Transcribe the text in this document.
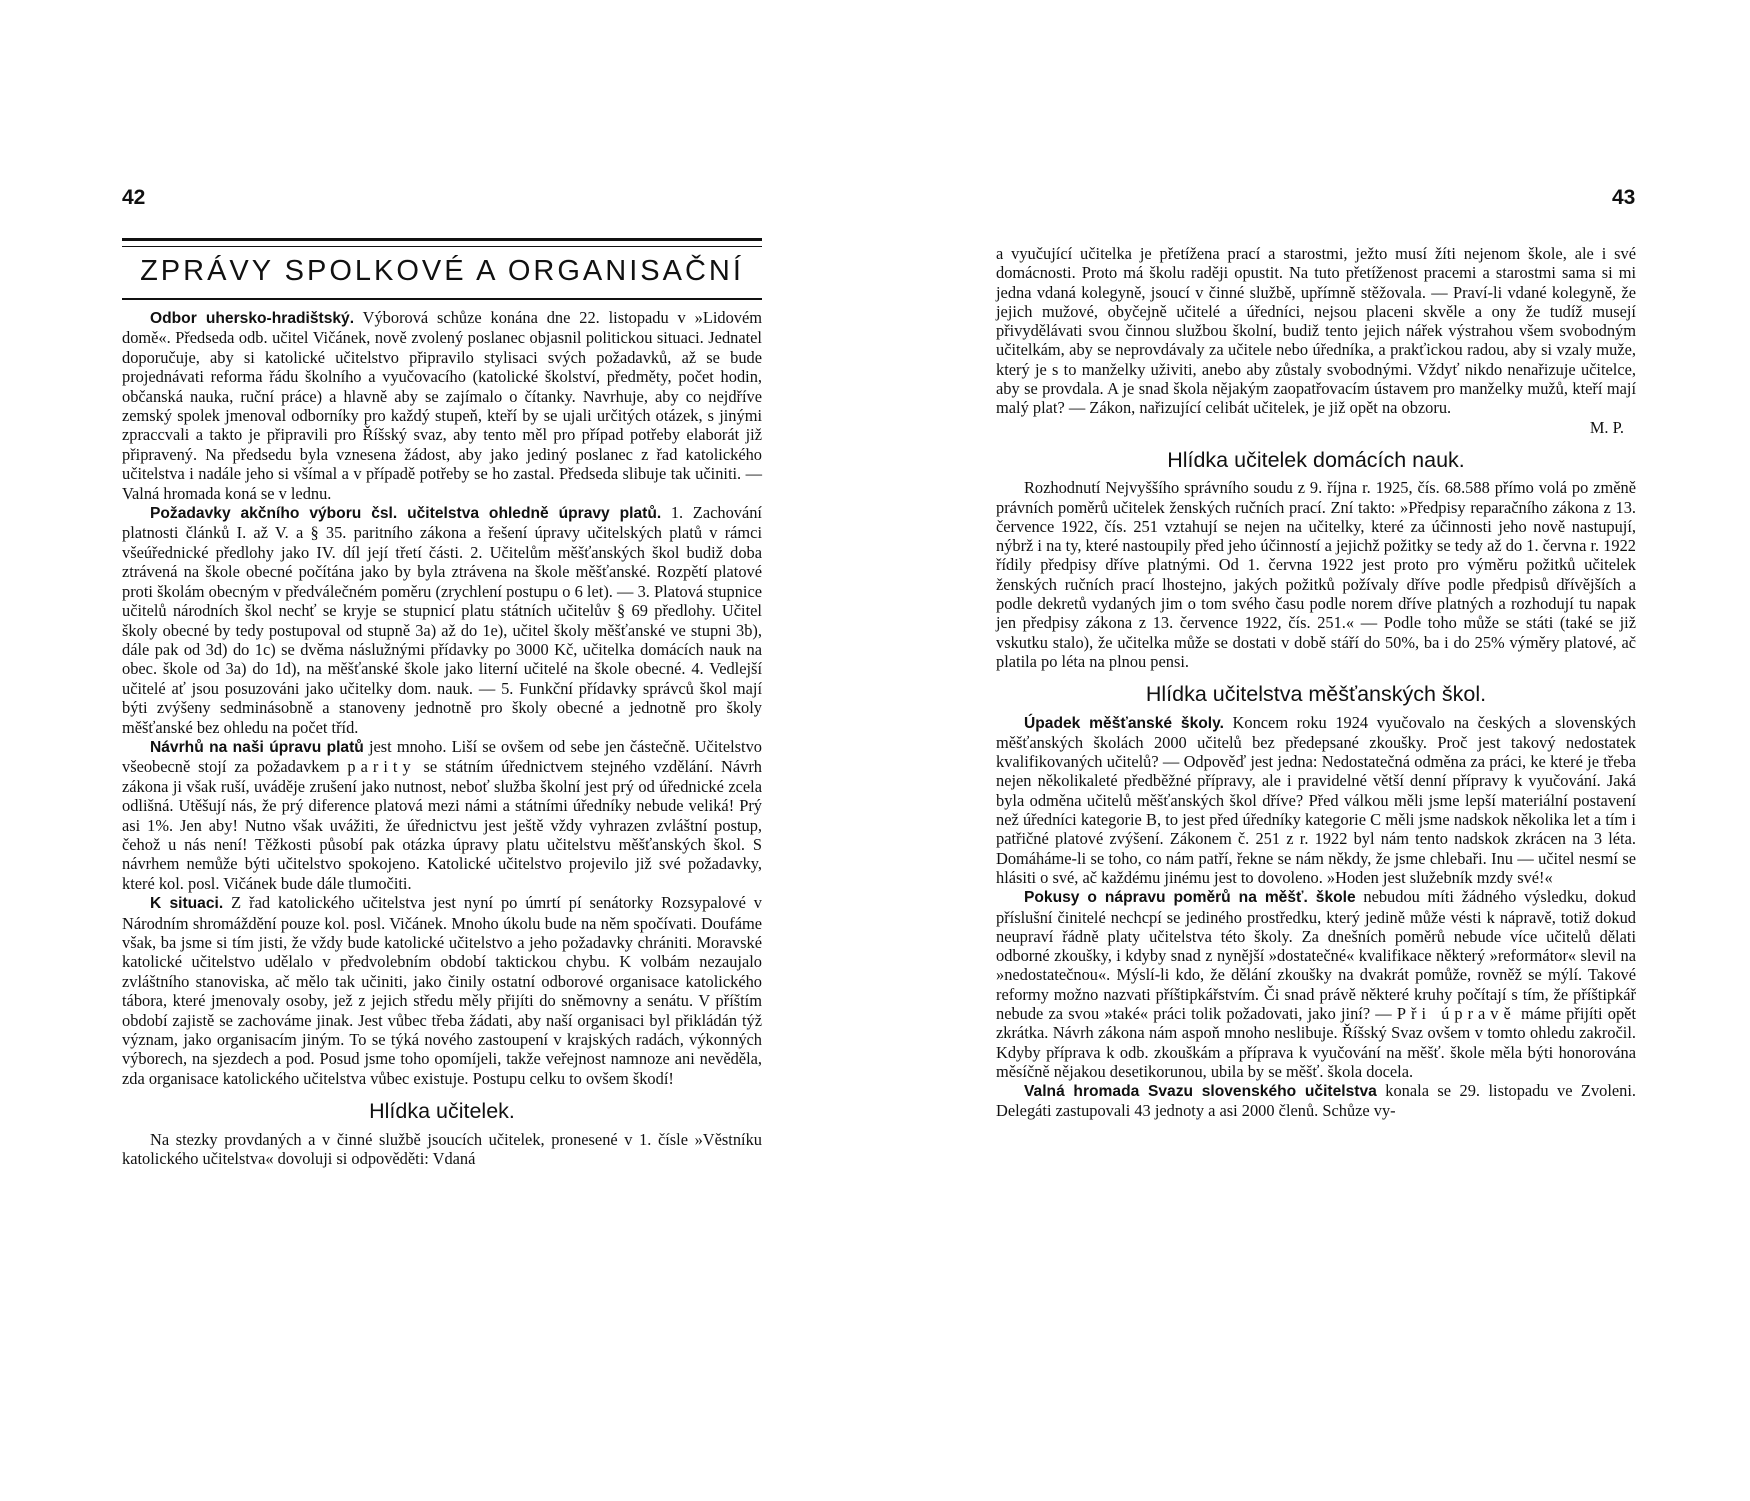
42	43
ZPRÁVY SPOLKOVÉ A ORGANISAČNÍ

Odbor uhersko-hradištský. Výborová schůze konána dne 22. listopadu v »Lidovém domě«. Předseda odb. učitel Vičánek, nově zvolený poslanec objasnil politickou situaci. Jednatel doporučuje, aby si katolické učitelstvo připravilo stylisaci svých požadavků, až se bude projednávati reforma řádu školního a vyučovacího (katolické školství, předměty, počet hodin, občanská nauka, ruční práce) a hlavně aby se zajímalo o čítanky. Navrhuje, aby co nejdříve zemský spolek jmenoval odborníky pro každý stupeň, kteří by se ujali určitých otázek, s jinými zpraccvali a takto je připravili pro Říšský svaz, aby tento měl pro případ potřeby elaborát již připravený. Na předsedu byla vznesena žádost, aby jako jediný poslanec z řad katolického učitelstva i nadále jeho si všímal a v případě potřeby se ho zastal. Předseda slibuje tak učiniti. — Valná hromada koná se v lednu.

Požadavky akčního výboru čsl. učitelstva ohledně úpravy platů. 1. Zachování platnosti článků I. až V. a § 35. paritního zákona a řešení úpravy učitelských platů v rámci všeúřednické předlohy jako IV. díl její třetí části. 2. Učitelům měšťanských škol budiž doba ztrávená na škole obecné počítána jako by byla ztrávena na škole měšťanské. Rozpětí platové proti školám obecným v předválečném poměru (zrychlení postupu o 6 let). — 3. Platová stupnice učitelů národních škol nechť se kryje se stupnicí platu státních učitelův § 69 předlohy. Učitel školy obecné by tedy postupoval od stupně 3a) až do 1e), učitel školy měšťanské ve stupni 3b), dále pak od 3d) do 1c) se dvěma náslužnými přídavky po 3000 Kč, učitelka domácích nauk na obec. škole od 3a) do 1d), na měšťanské škole jako literní učitelé na škole obecné. 4. Vedlejší učitelé ať jsou posuzováni jako učitelky dom. nauk. — 5. Funkční přídavky správců škol mají býti zvýšeny sedminásobně a stanoveny jednotně pro školy obecné a jednotně pro školy měšťanské bez ohledu na počet tříd.

Návrhů na naši úpravu platů jest mnoho. Liší se ovšem od sebe jen částečně. Učitelstvo všeobecně stojí za požadavkem parity se státním úřednictvem stejného vzdělání. Návrh zákona ji však ruší, uváděje zrušení jako nutnost, neboť služba školní jest prý od úřednické zcela odlišná. Utěšují nás, že prý diference platová mezi námi a státními úředníky nebude veliká! Prý asi 1%. Jen aby! Nutno však uvážiti, že úřednictvu jest ještě vždy vyhrazen zvláštní postup, čehož u nás není! Těžkosti působí pak otázka úpravy platu učitelstvu měšťanských škol. S návrhem nemůže býti učitelstvo spokojeno. Katolické učitelstvo projevilo již své požadavky, které kol. posl. Vičánek bude dále tlumočiti.

K situaci. Z řad katolického učitelstva jest nyní po úmrtí pí senátorky Rozsypalové v Národním shromáždění pouze kol. posl. Vičánek. Mnoho úkolu bude na něm spočívati. Doufáme však, ba jsme si tím jisti, že vždy bude katolické učitelstvo a jeho požadavky chrániti. Moravské katolické učitelstvo udělalo v předvolebním období taktickou chybu. K volbám nezaujalo zvláštního stanoviska, ač mělo tak učiniti, jako činily ostatní odborové organisace katolického tábora, které jmenovaly osoby, jež z jejich středu měly přijíti do sněmovny a senátu. V příštím období zajistě se zachováme jinak. Jest vůbec třeba žádati, aby naší organisaci byl přikládán týž význam, jako organisacím jiným. To se týká nového zastoupení v krajských radách, výkonných výborech, na sjezdech a pod. Posud jsme toho opomíjeli, takže veřejnost namnoze ani nevěděla, zda organisace katolického učitelstva vůbec existuje. Postupu celku to ovšem škodí!

Hlídka učitelek.

Na stezky provdaných a v činné službě jsoucích učitelek, pronesené v 1. čísle »Věstníku katolického učitelstva« dovoluji si odpověděti: Vdaná

a vyučující učitelka je přetížena prací a starostmi, ježto musí žíti nejenom škole, ale i své domácnosti. Proto má školu raději opustit. Na tuto přetíženost pracemi a starostmi sama si mi jedna vdaná kolegyně, jsoucí v činné službě, upřímně stěžovala. — Praví-li vdané kolegyně, že jejich mužové, obyčejně učitelé a úředníci, nejsou placeni skvěle a ony že tudíž musejí přivydělávati svou činnou službou školní, budiž tento jejich nářek výstrahou všem svobodným učitelkám, aby se neprovdávaly za učitele nebo úředníka, a prakťickou radou, aby si vzaly muže, který je s to manželky uživiti, anebo aby zůstaly svobodnými. Vždyť nikdo nenařizuje učitelce, aby se provdala. A je snad škola nějakým zaopatřovacím ústavem pro manželky mužů, kteří mají malý plat? — Zákon, nařizující celibát učitelek, je již opět na obzoru.

M. P.
Hlídka učitelek domácích nauk.

Rozhodnutí Nejvyššího správního soudu z 9. října r. 1925, čís. 68.588 přímo volá po změně právních poměrů učitelek ženských ručních prací. Zní takto: »Předpisy reparačního zákona z 13. července 1922, čís. 251 vztahují se nejen na učitelky, které za účinnosti jeho nově nastupují, nýbrž i na ty, které nastoupily před jeho účinností a jejichž požitky se tedy až do 1. června r. 1922 řídily předpisy dříve platnými. Od 1. června 1922 jest proto pro výměru požitků učitelek ženských ručních prací lhostejno, jakých požitků požívaly dříve podle předpisů dřívějších a podle dekretů vydaných jim o tom svého času podle norem dříve platných a rozhodují tu napak jen předpisy zákona z 13. července 1922, čís. 251.« — Podle toho může se státi (také se již vskutku stalo), že učitelka může se dostati v době stáří do 50%, ba i do 25% výměry platové, ač platila po léta na plnou pensi.

Hlídka učitelstva měšťanských škol.

Úpadek měšťanské školy. Koncem roku 1924 vyučovalo na českých a slovenských měšťanských školách 2000 učitelů bez předepsané zkoušky. Proč jest takový nedostatek kvalifikovaných učitelů? — Odpověď jest jedna: Nedostatečná odměna za práci, ke které je třeba nejen několikaleté předběžné přípravy, ale i pravidelné větší denní přípravy k vyučování. Jaká byla odměna učitelů měšťanských škol dříve? Před válkou měli jsme lepší materiální postavení než úředníci kategorie B, to jest před úředníky kategorie C měli jsme nadskok několika let a tím i patřičné platové zvýšení. Zákonem č. 251 z r. 1922 byl nám tento nadskok zkrácen na 3 léta. Domáháme-li se toho, co nám patří, řekne se nám někdy, že jsme chlebaři. Inu — učitel nesmí se hlásiti o své, ač každému jinému jest to dovoleno. »Hoden jest služebník mzdy své!«

Pokusy o nápravu poměrů na měšť. škole nebudou míti žádného výsledku, dokud příslušní činitelé nechcpí se jediného prostředku, který jedině může vésti k nápravě, totiž dokud neupraví řádně platy učitelstva této školy. Za dnešních poměrů nebude více učitelů dělati odborné zkoušky, i kdyby snad z nynější »dostatečné« kvalifikace některý »reformátor« slevil na »nedostatečnou«. Mýslí-li kdo, že dělání zkoušky na dvakrát pomůže, rovněž se mýlí. Takové reformy možno nazvati příštipkářstvím. Či snad právě některé kruhy počítají s tím, že příštipkář nebude za svou »také« práci tolik požadovati, jako jiní? — Při úpravě máme přijíti opět zkrátka. Návrh zákona nám aspoň mnoho neslibuje. Říšský Svaz ovšem v tomto ohledu zakročil. Kdyby příprava k odb. zkouškám a příprava k vyučování na měšť. škole měla býti honorována měsíčně nějakou desetikorunou, ubila by se měšť. škola docela.

Valná hromada Svazu slovenského učitelstva konala se 29. listopadu ve Zvoleni. Delegáti zastupovali 43 jednoty a asi 2000 členů. Schůze vy-
